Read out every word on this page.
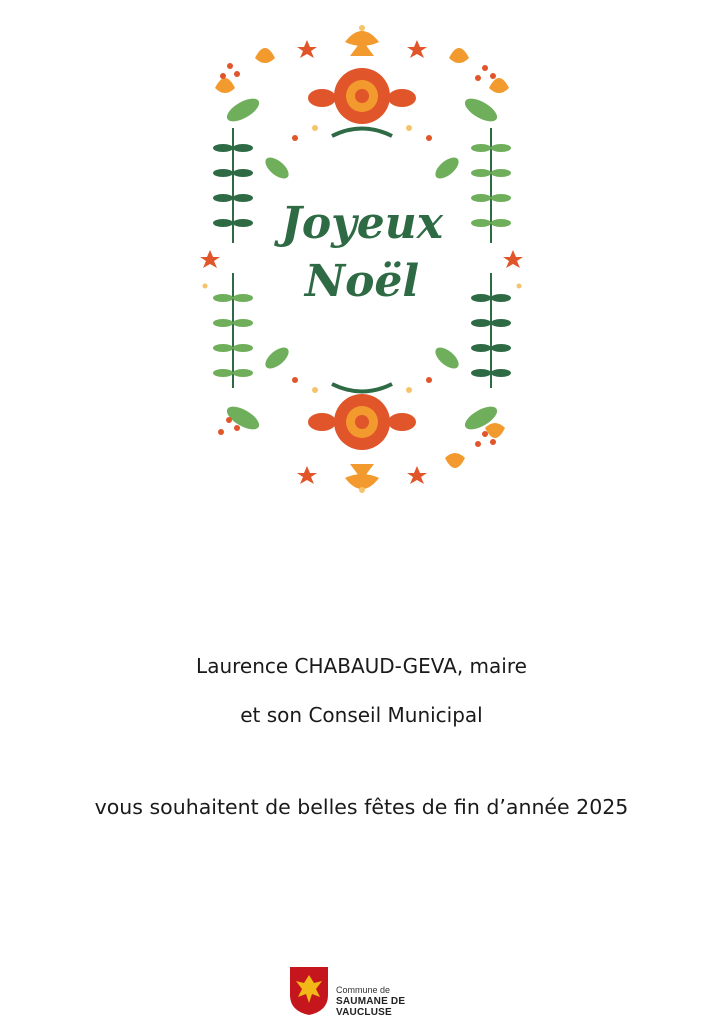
Joyeux
Noël
Laurence CHABAUD-GEVA, maire
et son Conseil Municipal
vous souhaitent de belles fêtes de fin d’année 2025
Commune de
SAUMANE DE VAUCLUSE
